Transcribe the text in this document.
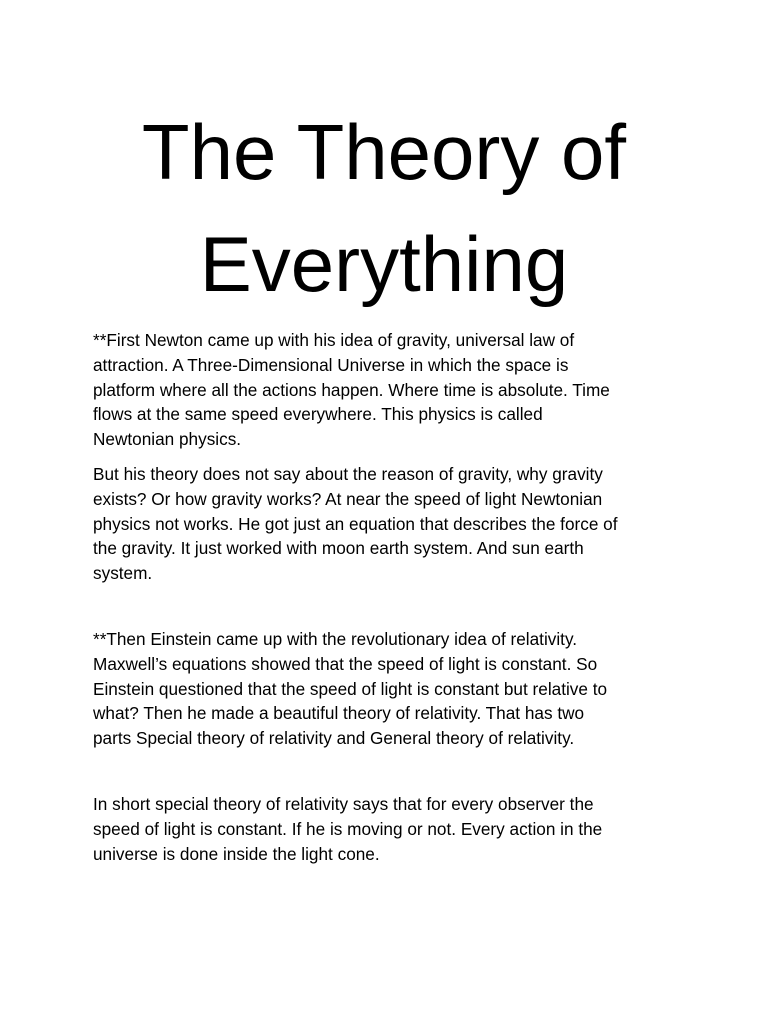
The Theory of
Everything

**First Newton came up with his idea of gravity, universal law of
attraction. A Three-Dimensional Universe in which the space is
platform where all the actions happen. Where time is absolute. Time
flows at the same speed everywhere. This physics is called
Newtonian physics.

But his theory does not say about the reason of gravity, why gravity
exists? Or how gravity works? At near the speed of light Newtonian
physics not works. He got just an equation that describes the force of
the gravity. It just worked with moon earth system. And sun earth
system.

**Then Einstein came up with the revolutionary idea of relativity.
Maxwell’s equations showed that the speed of light is constant. So
Einstein questioned that the speed of light is constant but relative to
what? Then he made a beautiful theory of relativity. That has two
parts Special theory of relativity and General theory of relativity.

In short special theory of relativity says that for every observer the
speed of light is constant. If he is moving or not. Every action in the
universe is done inside the light cone.
